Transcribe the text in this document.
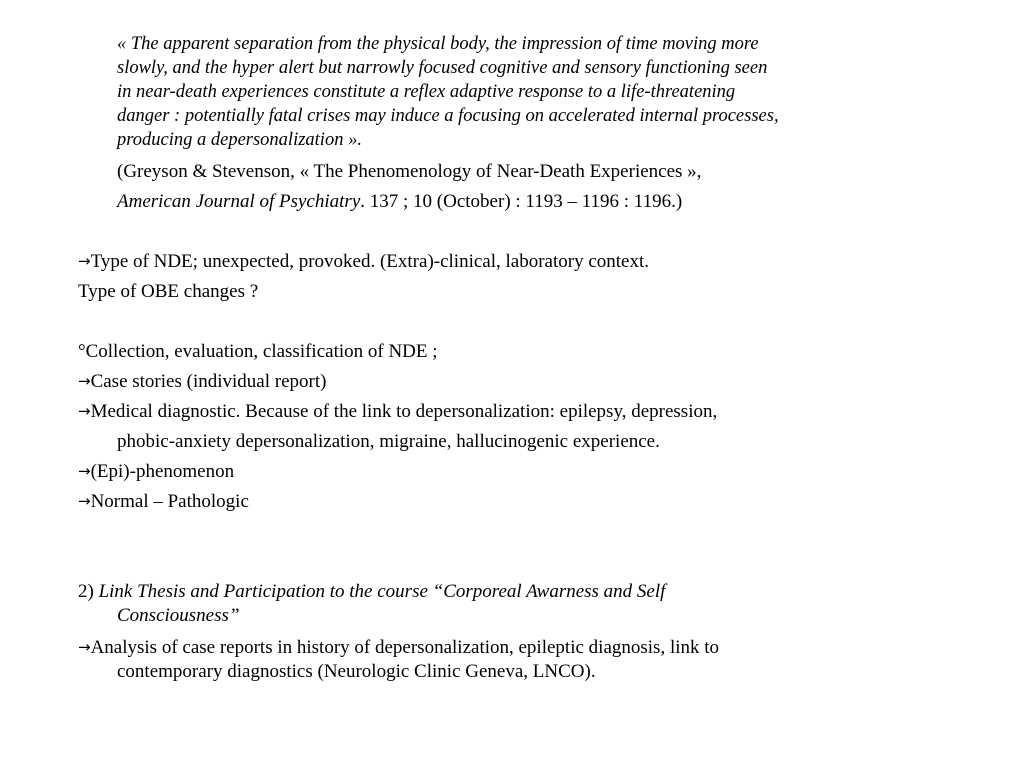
« The apparent separation from the physical body, the impression of time moving more
slowly, and the hyper alert but narrowly focused cognitive and sensory functioning seen
in near-death experiences constitute a reflex adaptive response to a life-threatening
danger : potentially fatal crises may induce a focusing on accelerated internal processes,
producing a depersonalization ».
(Greyson & Stevenson, « The Phenomenology of Near-Death Experiences »,
American Journal of Psychiatry. 137 ; 10 (October) : 1193 – 1196 : 1196.)
→Type of NDE; unexpected, provoked. (Extra)-clinical, laboratory context.
Type of OBE changes ?
°Collection, evaluation, classification of NDE ;
→Case stories (individual report)
→Medical diagnostic. Because of the link to depersonalization: epilepsy, depression,
phobic-anxiety depersonalization, migraine, hallucinogenic experience.
→(Epi)-phenomenon
→Normal – Pathologic
2) Link Thesis and Participation to the course “Corporeal Awarness and Self
Consciousness”
→Analysis of case reports in history of depersonalization, epileptic diagnosis, link to
contemporary diagnostics (Neurologic Clinic Geneva, LNCO).
